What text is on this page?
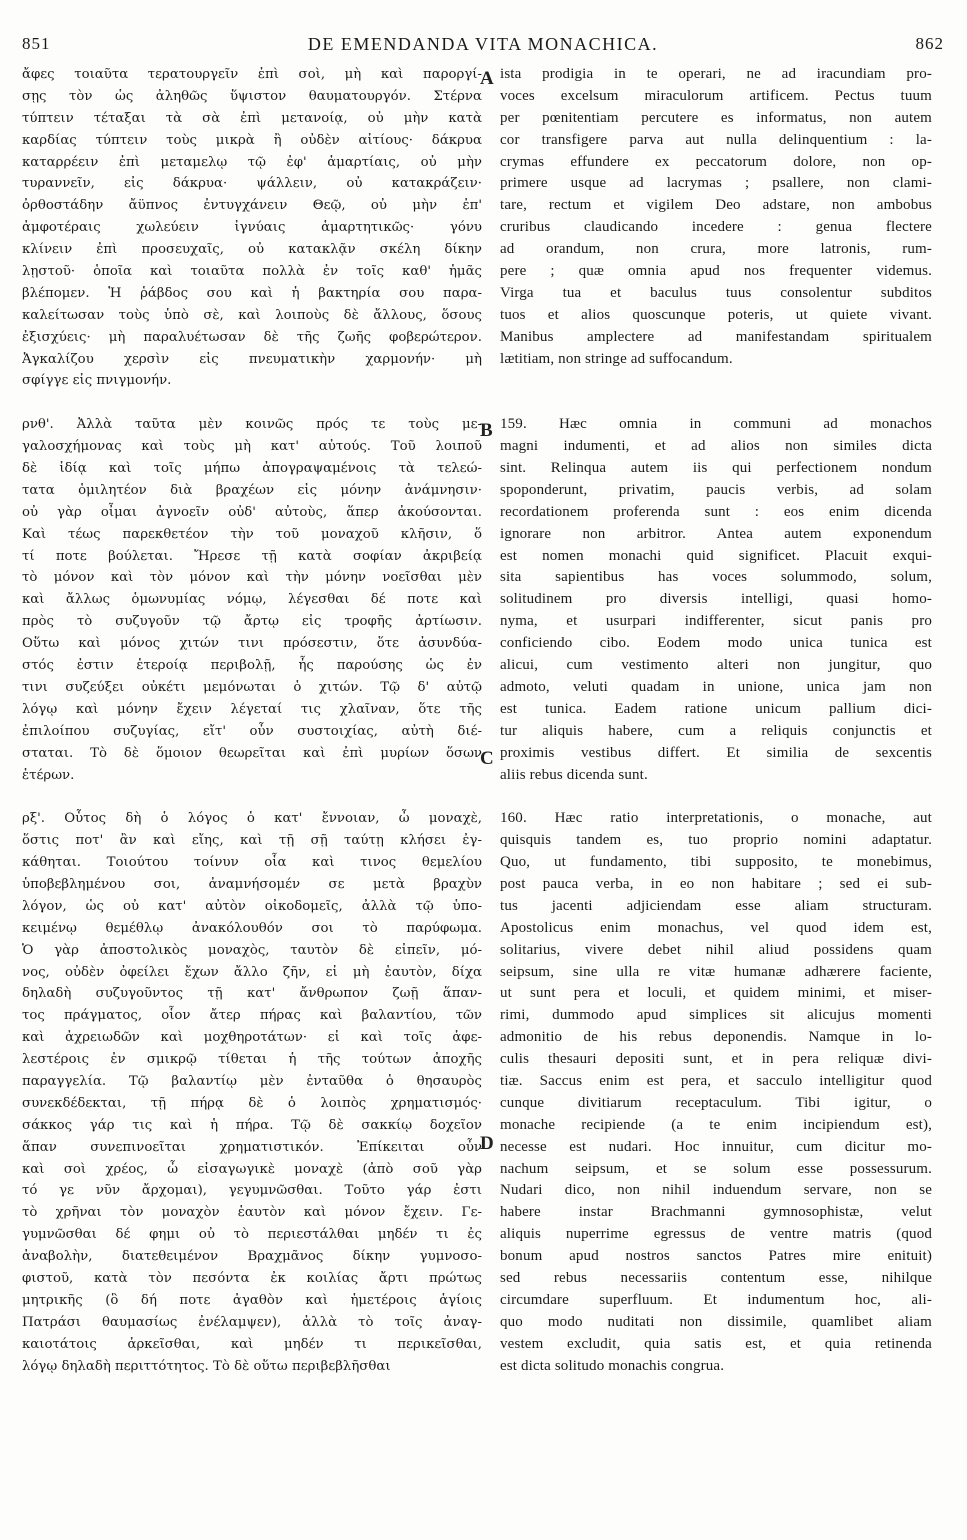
851	DE EMENDANDA VITA MONACHICA.	862
ἄφες τοιαῦτα τερατουργεῖν ἐπὶ σοὶ, μὴ καὶ παροργί-
σῃς τὸν ὡς ἀληθῶς ὕψιστον θαυματουργόν. Στέρνα
τύπτειν τέταξαι τὰ σὰ ἐπὶ μετανοίᾳ, οὐ μὴν κατὰ
καρδίας τύπτειν τοὺς μικρὰ ἢ οὐδὲν αἰτίους· δάκρυα
καταρρέειν ἐπὶ μεταμελῳ τῷ ἐφ' ἁμαρτίαις, οὐ μὴν
τυραννεῖν, εἰς δάκρυα· ψάλλειν, οὐ κατακράζειν·
ὀρθοστάδην ἄϋπνος ἐντυγχάνειν Θεῷ, οὐ μὴν ἐπ'
ἀμφοτέραις χωλεύειν ἰγνύαις ἁμαρτητικῶς· γόνυ
κλίνειν ἐπὶ προσευχαῖς, οὐ κατακλᾷν σκέλη δίκην
λῃστοῦ· ὁποῖα καὶ τοιαῦτα πολλὰ ἐν τοῖς καθ' ἡμᾶς
βλέπομεν. Ἡ ῥάβδος σου καὶ ἡ βακτηρία σου παρα-
καλείτωσαν τοὺς ὑπὸ σὲ, καὶ λοιποὺς δὲ ἄλλους, ὅσους
ἐξισχύεις· μὴ παραλυέτωσαν δὲ τῆς ζωῆς φοβερώτερον.
Ἀγκαλίζου χερσὶν εἰς πνευματικὴν χαρμονήν· μὴ
σφίγγε εἰς πνιγμονήν.
ρνθ'. Ἀλλὰ ταῦτα μὲν κοινῶς πρός τε τοὺς με-
γαλοσχήμονας καὶ τοὺς μὴ κατ' αὐτούς. Τοῦ λοιποῦ
δὲ ἰδίᾳ καὶ τοῖς μήπω ἀπογραψαμένοις τὰ τελεώ-
τατα ὁμιλητέον διὰ βραχέων εἰς μόνην ἀνάμνησιν·
οὐ γὰρ οἶμαι ἀγνοεῖν οὐδ' αὐτοὺς, ἅπερ ἀκούσονται.
Καὶ τέως παρεκθετέον τὴν τοῦ μοναχοῦ κλῆσιν, ὅ
τί ποτε βούλεται. Ἤρεσε τῇ κατὰ σοφίαν ἀκριβείᾳ
τὸ μόνον καὶ τὸν μόνον καὶ τὴν μόνην νοεῖσθαι μὲν
καὶ ἄλλως ὁμωνυμίας νόμῳ, λέγεσθαι δέ ποτε καὶ
πρὸς τὸ συζυγοῦν τῷ ἄρτῳ εἰς τροφῆς ἀρτίωσιν.
Οὕτω καὶ μόνος χιτών τινι πρόσεστιν, ὅτε ἀσυνδύα-
στός ἐστιν ἑτεροίᾳ περιβολῇ, ἧς παρούσης ὡς ἐν
τινι συζεύξει οὐκέτι μεμόνωται ὁ χιτών. Τῷ δ' αὐτῷ
λόγῳ καὶ μόνην ἔχειν λέγεταί τις χλαῖναν, ὅτε τῆς
ἐπιλοίπου συζυγίας, εἴτ' οὖν συστοιχίας, αὐτὴ διέ-
σταται. Τὸ δὲ ὅμοιον θεωρεῖται καὶ ἐπὶ μυρίων ὅσων
ἑτέρων.
ρξ'. Οὗτος δὴ ὁ λόγος ὁ κατ' ἔννοιαν, ὦ μοναχὲ,
ὅστις ποτ' ἂν καὶ εἴης, καὶ τῇ σῇ ταύτῃ κλήσει ἐγ-
κάθηται. Τοιούτου τοίνυν οἷα καὶ τινος θεμελίου
ὑποβεβλημένου σοι, ἀναμνήσομέν σε μετὰ βραχὺν
λόγον, ὡς οὐ κατ' αὐτὸν οἰκοδομεῖς, ἀλλὰ τῷ ὑπο-
κειμένῳ θεμέθλῳ ἀνακόλουθόν σοι τὸ παρύφωμα.
Ὁ γὰρ ἀποστολικὸς μοναχὸς, ταυτὸν δὲ εἰπεῖν, μό-
νος, οὐδὲν ὀφείλει ἔχων ἄλλο ζῆν, εἰ μὴ ἑαυτὸν, δίχα
δηλαδὴ συζυγοῦντος τῇ κατ' ἄνθρωπον ζωῇ ἅπαν-
τος πράγματος, οἷον ἄτερ πήρας καὶ βαλαντίου, τῶν
καὶ ἀχρειωδῶν καὶ μοχθηροτάτων· εἰ καὶ τοῖς ἀφε-
λεστέροις ἐν σμικρῷ τίθεται ἡ τῆς τούτων ἀποχῆς
παραγγελία. Τῷ βαλαντίῳ μὲν ἐνταῦθα ὁ θησαυρὸς
συνεκδέδεκται, τῇ πήρᾳ δὲ ὁ λοιπὸς χρηματισμός·
σάκκος γάρ τις καὶ ἡ πήρα. Τῷ δὲ σακκίῳ δοχεῖον
ἅπαν συνεπινοεῖται χρηματιστικόν. Ἐπίκειται οὖν
καὶ σοὶ χρέος, ὦ εἰσαγωγικὲ μοναχὲ (ἀπὸ σοῦ γὰρ
τό γε νῦν ἄρχομαι), γεγυμνῶσθαι. Τοῦτο γάρ ἐστι
τὸ χρῆναι τὸν μοναχὸν ἑαυτὸν καὶ μόνον ἔχειν. Γε-
γυμνῶσθαι δέ φημι οὐ τὸ περιεστάλθαι μηδέν τι ἐς
ἀναβολὴν, διατεθειμένον Βραχμᾶνος δίκην γυμνοσο-
φιστοῦ, κατὰ τὸν πεσόντα ἐκ κοιλίας ἄρτι πρώτως
μητρικῆς (ὃ δή ποτε ἀγαθὸν καὶ ἡμετέροις ἁγίοις
Πατράσι θαυμασίως ἐνέλαμψεν), ἀλλὰ τὸ τοῖς ἀναγ-
καιοτάτοις ἀρκεῖσθαι, καὶ μηδέν τι περικεῖσθαι,
λόγῳ δηλαδὴ περιττότητος. Τὸ δὲ οὕτω περιβεβλῆσθαι
ista prodigia in te operari, ne ad iracundiam pro-
voces excelsum miraculorum artificem. Pectus tuum
per pœnitentiam percutere es informatus, non autem
cor transfigere parva aut nulla delinquentium : la-
crymas effundere ex peccatorum dolore, non op-
primere usque ad lacrymas ; psallere, non clami-
tare, rectum et vigilem Deo adstare, non ambobus
cruribus claudicando incedere : genua flectere
ad orandum, non crura, more latronis, rum-
pere ; quæ omnia apud nos frequenter videmus.
Virga tua et baculus tuus consolentur subditos
tuos et alios quoscunque poteris, ut quiete vivant.
Manibus amplectere ad manifestandam spiritualem
lætitiam, non stringe ad suffocandum.
159. Hæc omnia in communi ad monachos
magni indumenti, et ad alios non similes dicta
sint. Relinqua autem iis qui perfectionem nondum
spoponderunt, privatim, paucis verbis, ad solam
recordationem proferenda sunt : eos enim dicenda
ignorare non arbitror. Antea autem exponendum
est nomen monachi quid significet. Placuit exqui-
sita sapientibus has voces solummodo, solum,
solitudinem pro diversis intelligi, quasi homo-
nyma, et usurpari indifferenter, sicut panis pro
conficiendo cibo. Eodem modo unica tunica est
alicui, cum vestimento alteri non jungitur, quo
admoto, veluti quadam in unione, unica jam non
est tunica. Eadem ratione unicum pallium dici-
tur aliquis habere, cum a reliquis conjunctis et
proximis vestibus differt. Et similia de sexcentis
aliis rebus dicenda sunt.
160. Hæc ratio interpretationis, o monache, aut
quisquis tandem es, tuo proprio nomini adaptatur.
Quo, ut fundamento, tibi supposito, te monebimus,
post pauca verba, in eo non habitare ; sed ei sub-
tus jacenti adjiciendam esse aliam structuram.
Apostolicus enim monachus, vel quod idem est,
solitarius, vivere debet nihil aliud possidens quam
seipsum, sine ulla re vitæ humanæ adhærere faciente,
ut sunt pera et loculi, et quidem minimi, et miser-
rimi, dummodo apud simplices sit alicujus momenti
admonitio de his rebus deponendis. Namque in lo-
culis thesauri depositi sunt, et in pera reliquæ divi-
tiæ. Saccus enim est pera, et sacculo intelligitur quod
cunque divitiarum receptaculum. Tibi igitur, o
monache recipiende (a te enim incipiendum est),
necesse est nudari. Hoc innuitur, cum dicitur mo-
nachum seipsum, et se solum esse possessurum.
Nudari dico, non nihil induendum servare, non se
habere instar Brachmanni gymnosophistæ, velut
aliquis nuperrime egressus de ventre matris (quod
bonum apud nostros sanctos Patres mire enituit)
sed rebus necessariis contentum esse, nihilque
circumdare superfluum. Et indumentum hoc, ali-
quo modo nuditati non dissimile, quamlibet aliam
vestem excludit, quia satis est, et quia retinenda
est dicta solitudo monachis congrua.
A
B
C
D
